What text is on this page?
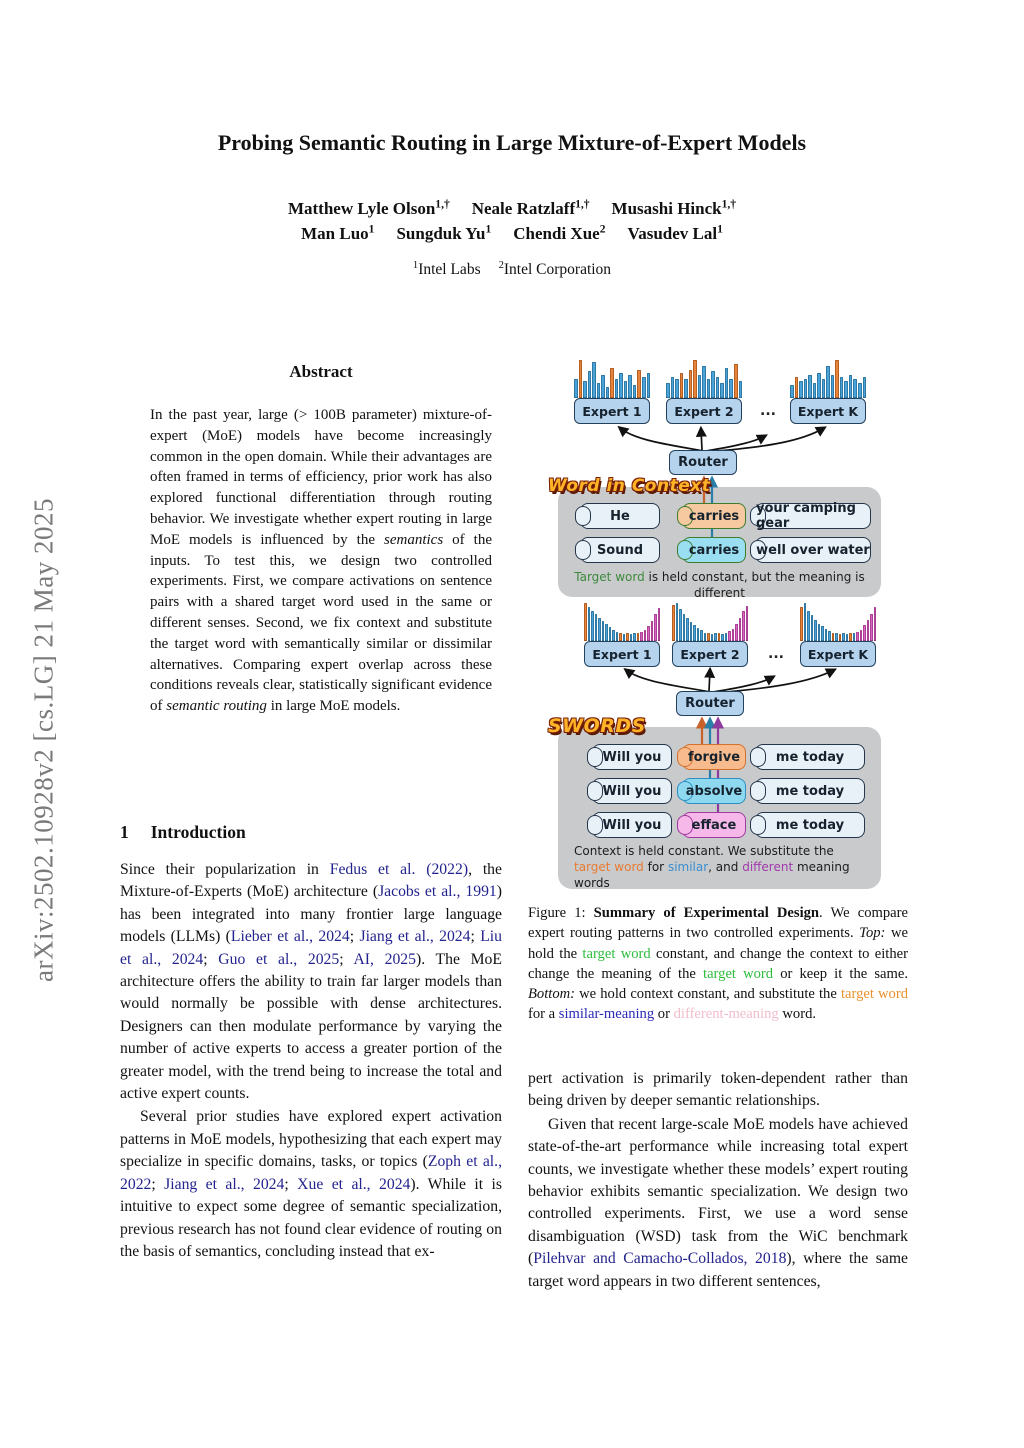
arXiv:2502.10928v2 [cs.LG] 21 May 2025
Probing Semantic Routing in Large Mixture-of-Expert Models
Matthew Lyle Olson$^{1,\dagger}$ Neale Ratzlaff$^{1,\dagger}$ Musashi Hinck$^{1,\dagger}$
Man Luo$^1$ Sungduk Yu$^1$ Chendi Xue$^2$ Vasudev Lal$^1$
$^1$Intel Labs $^2$Intel Corporation
Abstract
In the past year, large (> 100B parameter) mixture-of-expert (MoE) models have become increasingly common in the open domain. While their advantages are often framed in terms of efficiency, prior work has also explored functional differentiation through routing behavior. We investigate whether expert routing in large MoE models is influenced by the semantics of the inputs. To test this, we design two controlled experiments. First, we compare activations on sentence pairs with a shared target word used in the same or different senses. Second, we fix context and substitute the target word with semantically similar or dissimilar alternatives. Comparing expert overlap across these conditions reveals clear, statistically significant evidence of semantic routing in large MoE models.
1 Introduction

Since their popularization in Fedus et al. (2022), the Mixture-of-Experts (MoE) architecture (Jacobs et al., 1991) has been integrated into many frontier large language models (LLMs) (Lieber et al., 2024; Jiang et al., 2024; Liu et al., 2024; Guo et al., 2025; AI, 2025). The MoE architecture offers the ability to train far larger models than would normally be possible with dense architectures. Designers can then modulate performance by varying the number of active experts to access a greater portion of the greater model, with the trend being to increase the total and active expert counts.

Several prior studies have explored expert activation patterns in MoE models, hypothesizing that each expert may specialize in specific domains, tasks, or topics (Zoph et al., 2022; Jiang et al., 2024; Xue et al., 2024). While it is intuitive to expect some degree of semantic specialization, previous research has not found clear evidence of routing on the basis of semantics, concluding instead that ex-

Expert 1	Expert 2	Expert K
...
Router
Word in Context
He	carries	your camping gear
Sound	carries	well over water
Target word is held constant, but the meaning is different
Expert 1	Expert 2	Expert K
...
Router
SWORDS
Will you	forgive	me today
Will you	absolve	me today
Will you	efface	me today
Context is held constant. We substitute the target word for similar, and different meaning words
Figure 1: Summary of Experimental Design. We compare expert routing patterns in two controlled experiments. Top: we hold the target word constant, and change the context to either change the meaning of the target word or keep it the same. Bottom: we hold context constant, and substitute the target word for a similar-meaning or different-meaning word.

pert activation is primarily token-dependent rather than being driven by deeper semantic relationships.

Given that recent large-scale MoE models have achieved state-of-the-art performance while increasing total expert counts, we investigate whether these models’ expert routing behavior exhibits semantic specialization. We design two controlled experiments. First, we use a word sense disambiguation (WSD) task from the WiC benchmark (Pilehvar and Camacho-Collados, 2018), where the same target word appears in two different sentences,
